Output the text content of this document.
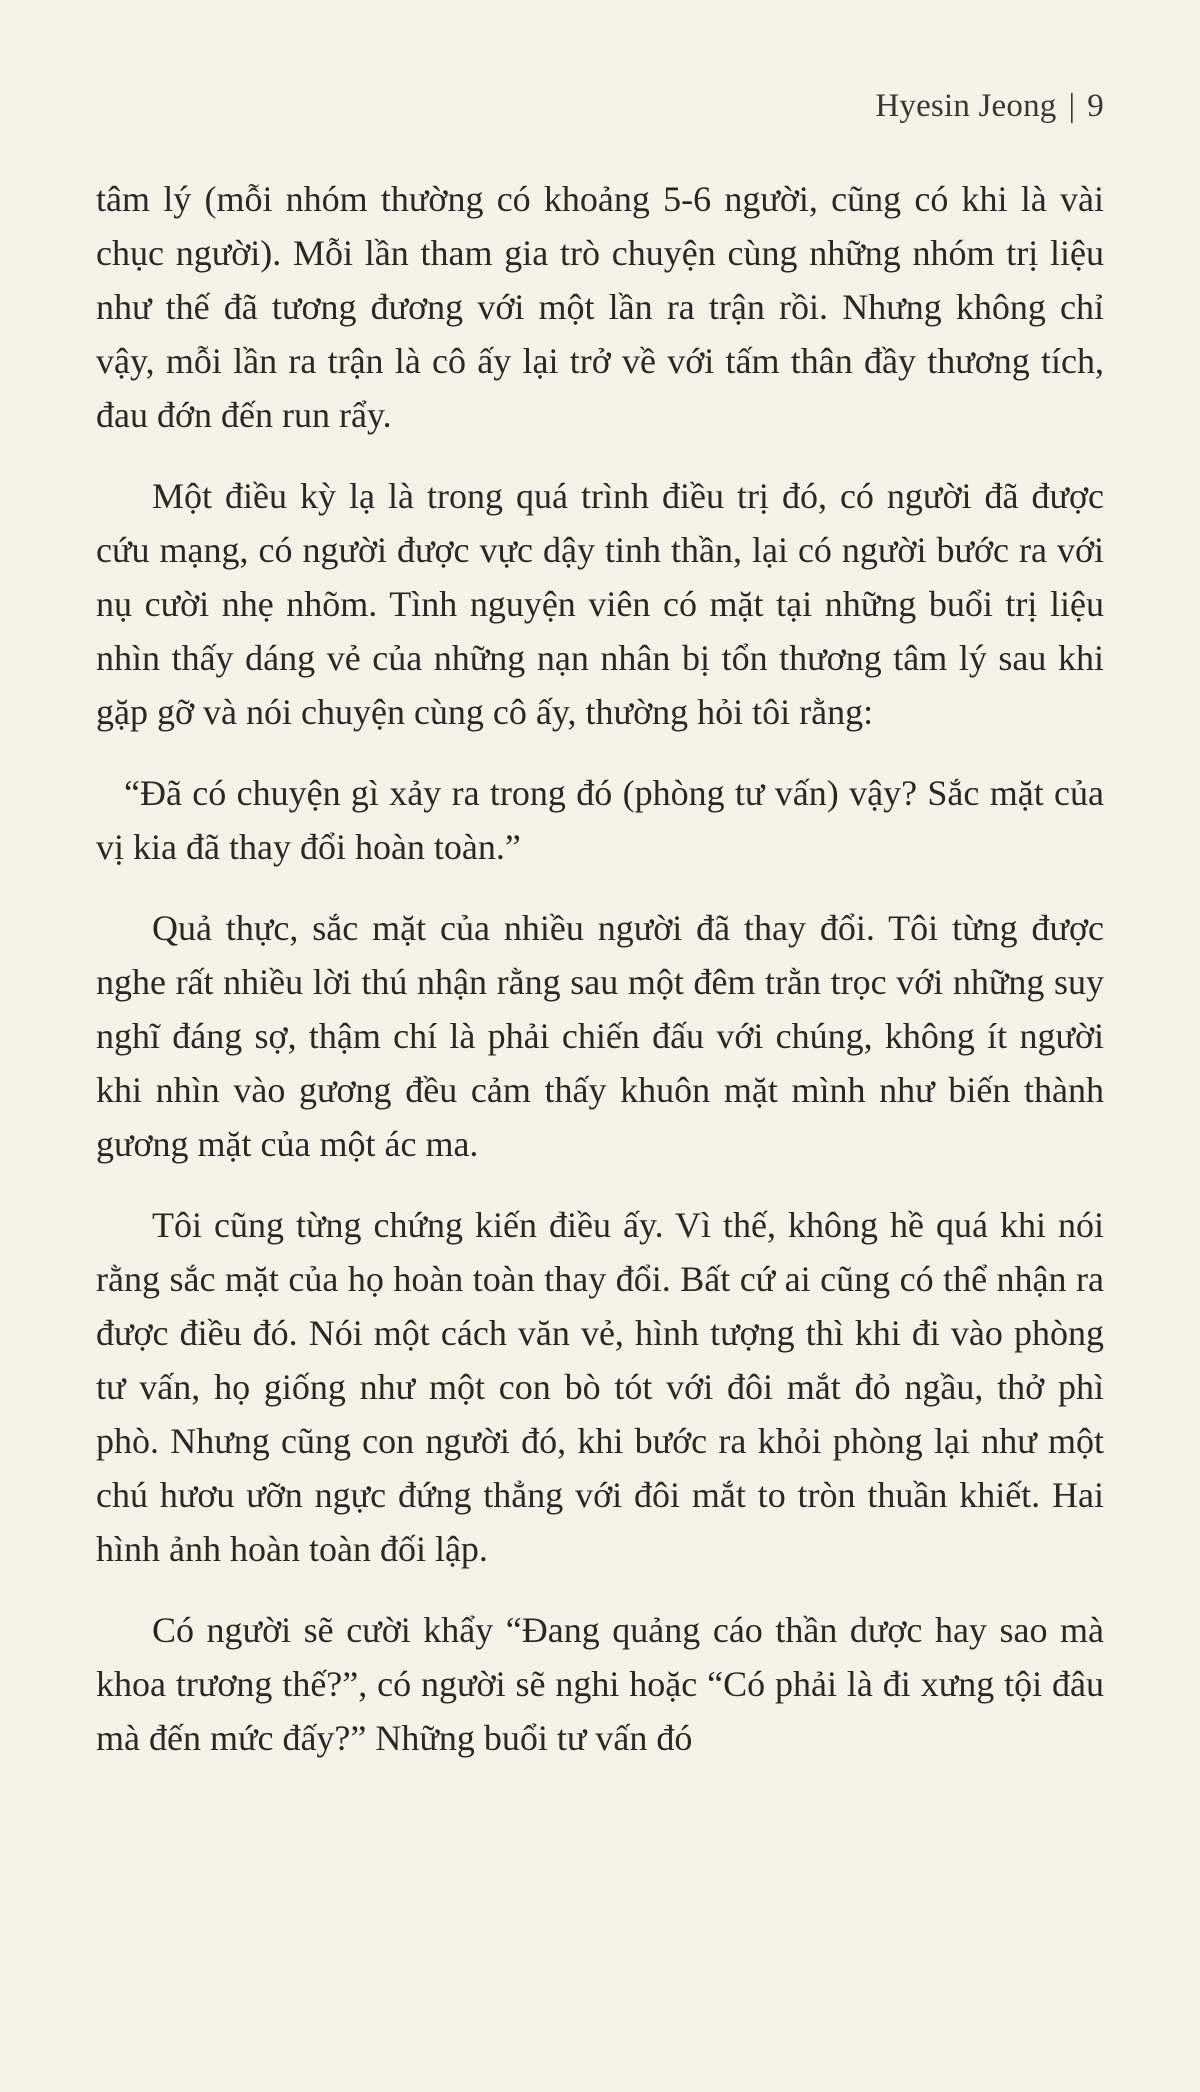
Hyesin Jeong | 9

tâm lý (mỗi nhóm thường có khoảng 5-6 người, cũng có khi là vài chục người). Mỗi lần tham gia trò chuyện cùng những nhóm trị liệu như thế đã tương đương với một lần ra trận rồi. Nhưng không chỉ vậy, mỗi lần ra trận là cô ấy lại trở về với tấm thân đầy thương tích, đau đớn đến run rẩy.

Một điều kỳ lạ là trong quá trình điều trị đó, có người đã được cứu mạng, có người được vực dậy tinh thần, lại có người bước ra với nụ cười nhẹ nhõm. Tình nguyện viên có mặt tại những buổi trị liệu nhìn thấy dáng vẻ của những nạn nhân bị tổn thương tâm lý sau khi gặp gỡ và nói chuyện cùng cô ấy, thường hỏi tôi rằng:

“Đã có chuyện gì xảy ra trong đó (phòng tư vấn) vậy? Sắc mặt của vị kia đã thay đổi hoàn toàn.”

Quả thực, sắc mặt của nhiều người đã thay đổi. Tôi từng được nghe rất nhiều lời thú nhận rằng sau một đêm trằn trọc với những suy nghĩ đáng sợ, thậm chí là phải chiến đấu với chúng, không ít người khi nhìn vào gương đều cảm thấy khuôn mặt mình như biến thành gương mặt của một ác ma.

Tôi cũng từng chứng kiến điều ấy. Vì thế, không hề quá khi nói rằng sắc mặt của họ hoàn toàn thay đổi. Bất cứ ai cũng có thể nhận ra được điều đó. Nói một cách văn vẻ, hình tượng thì khi đi vào phòng tư vấn, họ giống như một con bò tót với đôi mắt đỏ ngầu, thở phì phò. Nhưng cũng con người đó, khi bước ra khỏi phòng lại như một chú hươu ưỡn ngực đứng thẳng với đôi mắt to tròn thuần khiết. Hai hình ảnh hoàn toàn đối lập.

Có người sẽ cười khẩy “Đang quảng cáo thần dược hay sao mà khoa trương thế?”, có người sẽ nghi hoặc “Có phải là đi xưng tội đâu mà đến mức đấy?” Những buổi tư vấn đó
